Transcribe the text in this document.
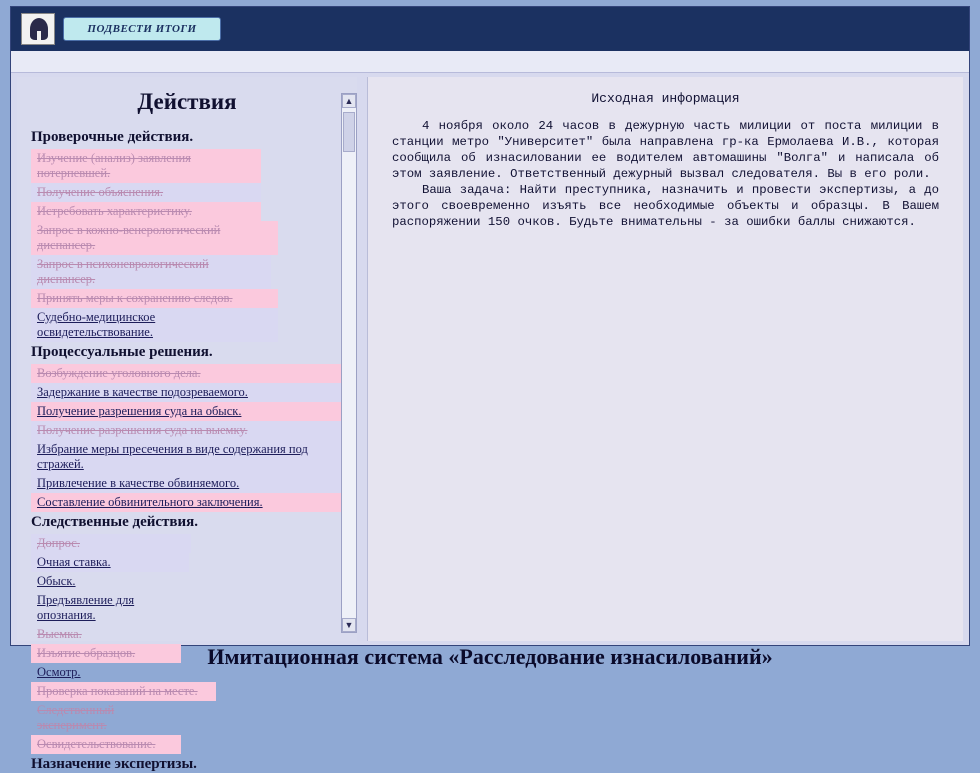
ПОДВЕСТИ ИТОГИ
Действия
Проверочные действия.
Изучение (анализ) заявления потерпевшей.
Получение объяснения.
Истребовать характеристику.
Запрос в кожно-венерологический диспансер.
Запрос в психоневрологический диспансер.
Принять меры к сохранению следов.
Судебно-медицинское освидетельствование.
Процессуальные решения.
Возбуждение уголовного дела.
Задержание в качестве подозреваемого.
Получение разрешения суда на обыск.
Получение разрешения суда на выемку.
Избрание меры пресечения в виде содержания под стражей.
Привлечение в качестве обвиняемого.
Составление обвинительного заключения.
Следственные действия.
Допрос.
Очная ставка.
Обыск.
Предъявление для опознания.
Выемка.
Изъятие образцов.
Осмотр.
Проверка показаний на месте.
Следственный эксперимент.
Освидетельствование.
Назначение экспертизы.
▲
▼
Исходная информация

4 ноября около 24 часов в дежурную часть милиции от поста милиции в станции метро "Университет" была направлена гр-ка Ермолаева И.В., которая сообщила об изнасиловании ее водителем автомашины "Волга" и написала об этом заявление. Ответственный дежурный вызвал следователя. Вы в его роли.

Ваша задача: Найти преступника, назначить и провести экспертизы, а до этого своевременно изъять все необходимые объекты и образцы. В Вашем распоряжении 150 очков. Будьте внимательны - за ошибки баллы снижаются.

Имитационная система «Расследование изнасилований»
